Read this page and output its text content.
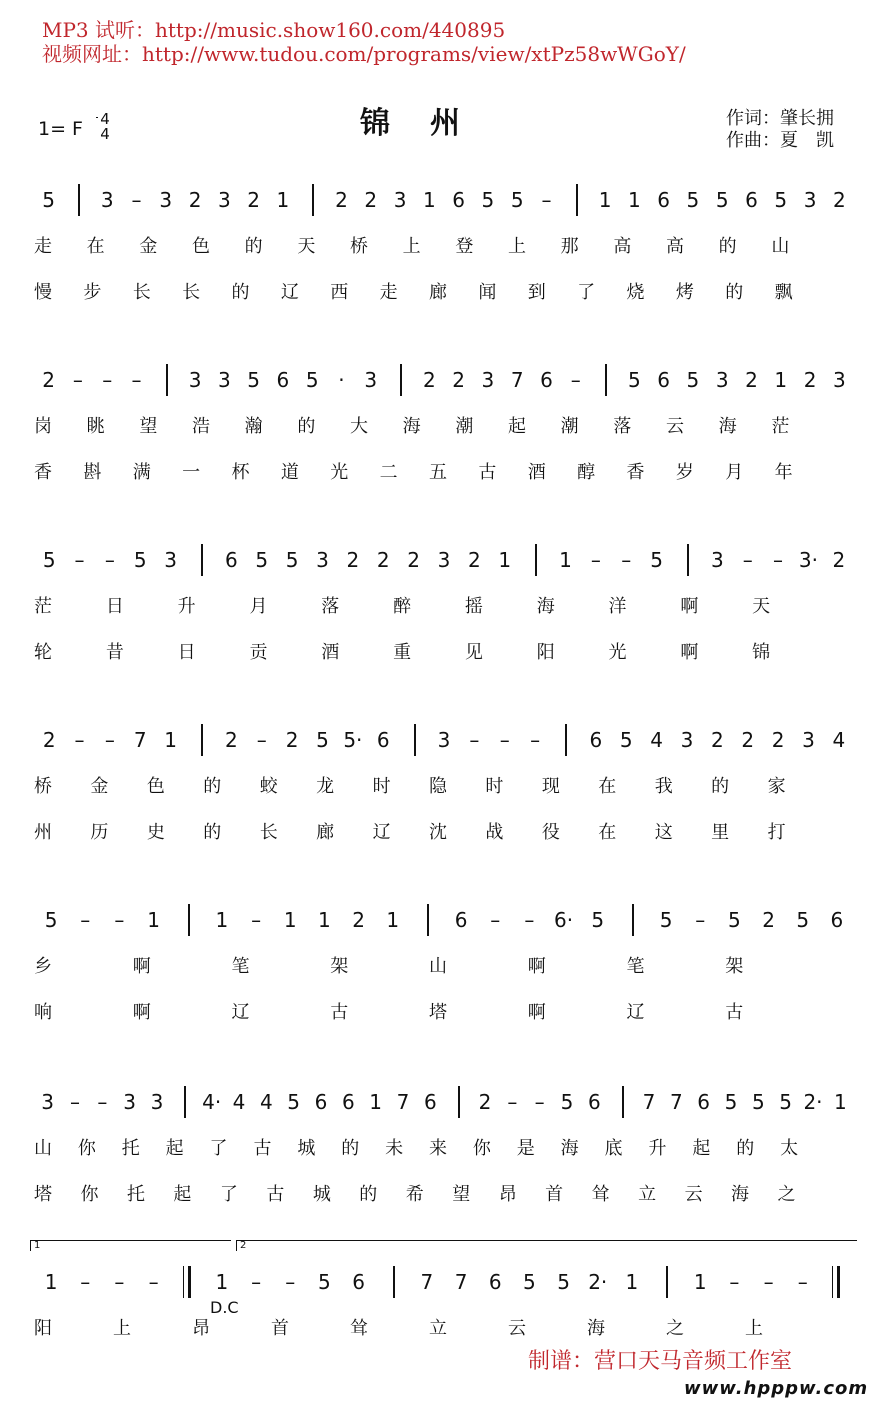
MP3 试听：http://music.show160.com/440895
视频网址：http://www.tudou.com/programs/view/xtPz58wWGoY/
锦州
1= F 4
4
作词：肇长拥
作曲：夏　凯
5	3 – 3 2 3 2 1	2 2 3 1 6 5 5 –	1 1 6 5 5 6 5 3 2
走 在 金 色 的 天 桥 上 登 上 那 高 高 的 山
慢 步 长 长 的 辽 西 走 廊 闻 到 了 烧 烤 的 飘
2 – – –	3 3 5 6 5 · 3	2 2 3 7 6 –	5 6 5 3 2 1 2 3
岗 眺 望 浩 瀚 的 大 海 潮 起 潮 落 云 海 茫
香 斟 满 一 杯 道 光 二 五 古 酒 醇 香 岁 月 年
5 –	– 5 3	6 5 5 3 2 2 2 3 2 1	1 –	– 5	3 –	– 3· 2
茫	日	升	月	落	醉	摇	海	洋	啊	天
轮	昔	日	贡	酒	重	见	阳	光	啊	锦
2 –	– 7 1	2 – 2 5 5· 6	3 –	–	–	6 5 4 3 2 2 2 3 4
桥 金 色 的 蛟 龙 时 隐 时 现 在 我 的 家
州 历 史 的 长 廊 辽 沈 战 役 在 这 里 打
5	–	–	1	1	–	1	1	2	1	6	–	– 6· 5	5	–	5	2	5	6
乡	啊	笔	架	山	啊	笔	架
响	啊	辽	古	塔	啊	辽	古
3 – – 3 3	4· 4 4 5 6 6 1 7 6	2 – – 5 6	7 7 6 5 5 5 2· 1
山 你 托 起 了 古 城 的 未 来 你 是 海 底 升 起 的 太
塔 你 托 起 了 古 城 的 希 望 昂 首 耸 立 云 海 之
1	–	–	–	1	–	–	5	6	7	7	6	5	5 2· 1	1	–	–	–
阳	上	昂	首	耸	立	云	海	之	上
D.C
1	2
制谱：营口天马音频工作室
www.hpppw.com
